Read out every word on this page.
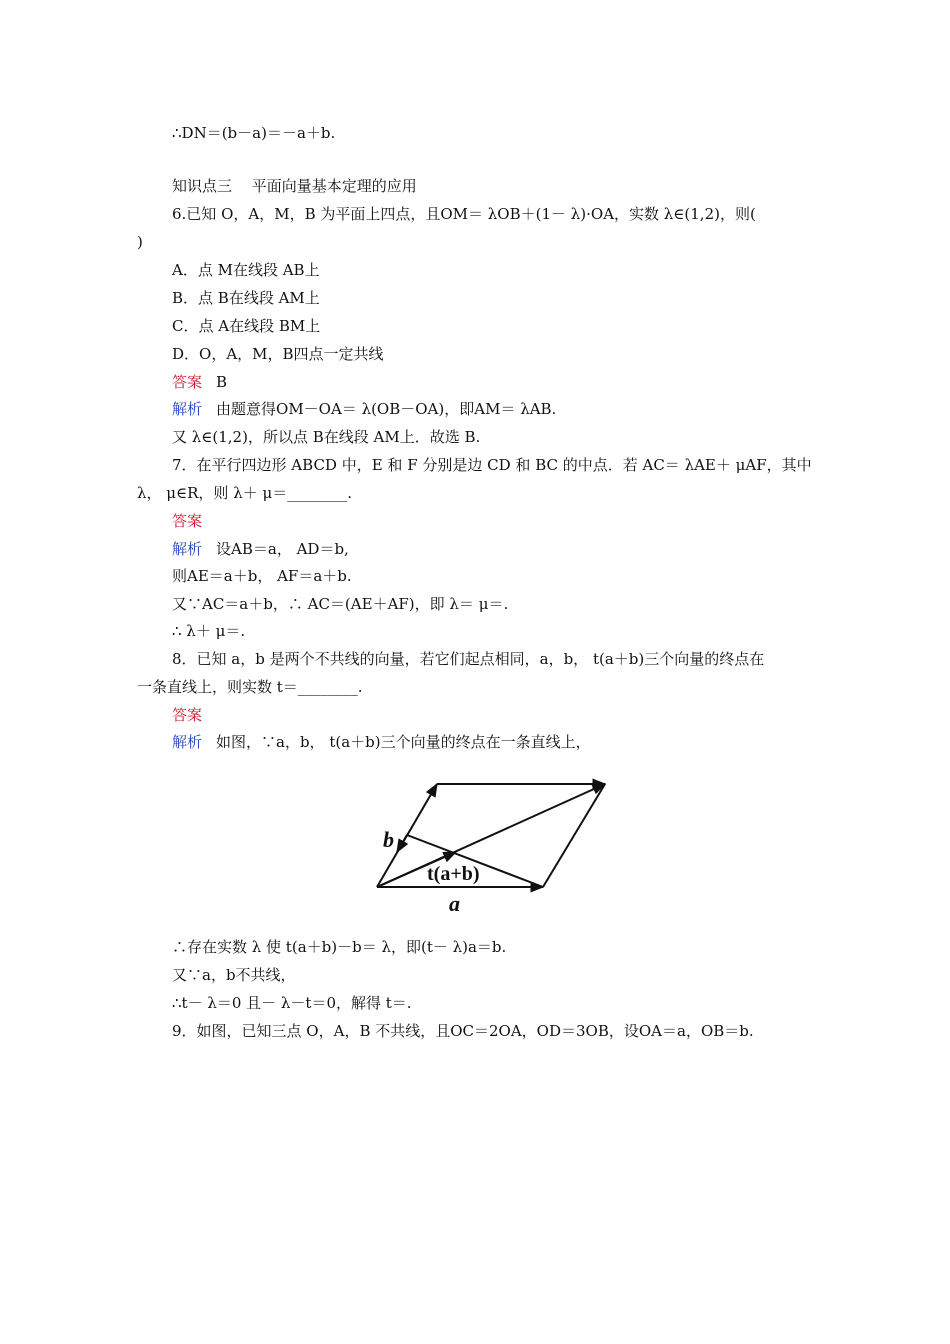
∴DN＝(b－a)＝－a＋b.
知识点三　 平面向量基本定理的应用
6.已知 O，A，M，B 为平面上四点，且OM＝ λOB＋(1－ λ)·OA，实数 λ∈(1,2)，则(
)
A．点 M在线段 AB上
B．点 B在线段 AM上
C．点 A在线段 BM上
D．O，A，M，B四点一定共线
答案 B
解析 由题意得OM－OA＝ λ(OB－OA)，即AM＝ λAB.
又 λ∈(1,2)，所以点 B在线段 AM上．故选 B.
7．在平行四边形 ABCD 中，E 和 F 分别是边 CD 和 BC 的中点．若 AC＝ λAE＋ μAF，其中
λ， μ∈R，则 λ＋ μ＝________.
答案
解析 设AB＝a， AD＝b,
则AE＝a＋b， AF＝a＋b.
又∵AC＝a＋b，∴ AC＝(AE＋AF)，即 λ＝ μ＝.
∴ λ＋ μ＝.
8．已知 a，b 是两个不共线的向量，若它们起点相同，a，b， t(a＋b)三个向量的终点在
一条直线上，则实数 t＝________.
答案
解析 如图，∵a，b， t(a＋b)三个向量的终点在一条直线上，
b
a
t(a+b)
∴存在实数 λ 使 t(a＋b)－b＝ λ，即(t－ λ)a＝b.
又∵a，b不共线，
∴t－ λ＝0 且－ λ－t＝0，解得 t＝.
9．如图，已知三点 O，A，B 不共线，且OC＝2OA，OD＝3OB，设OA＝a，OB＝b.
